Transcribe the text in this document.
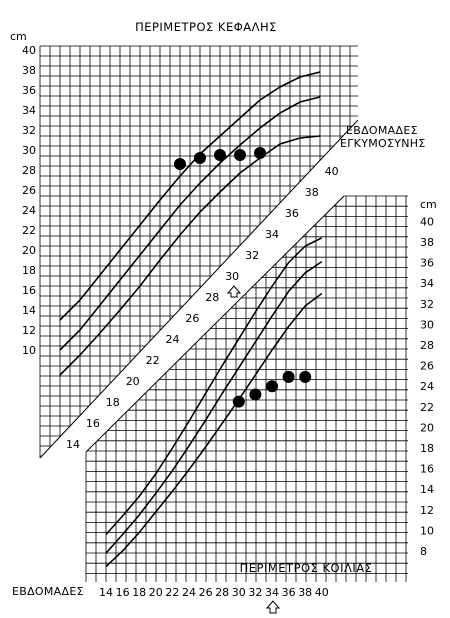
10
12
14
16
18
20
22
24
26
28
30
32
34
36
38
40
14
16
18
20
22
24
26
28
30
32
34
36
38
40
8
10
12
14
16
18
20
22
24
26
28
30
32
34
36
38
40
14 16 18 20 22 24 26 28 30 32 34 36 38 40
ΠΕΡΙΜΕΤΡΟΣ ΚΕΦΑΛΗΣ
cm
ΕΒΔΟΜΑΔΕΣ
ΕΓΚΥΜΟΣΥΝΗΣ
ΠΕΡΙΜΕΤΡΟΣ ΚΟΙΛΙΑΣ
cm
ΕΒΔΟΜΑΔΕΣ
